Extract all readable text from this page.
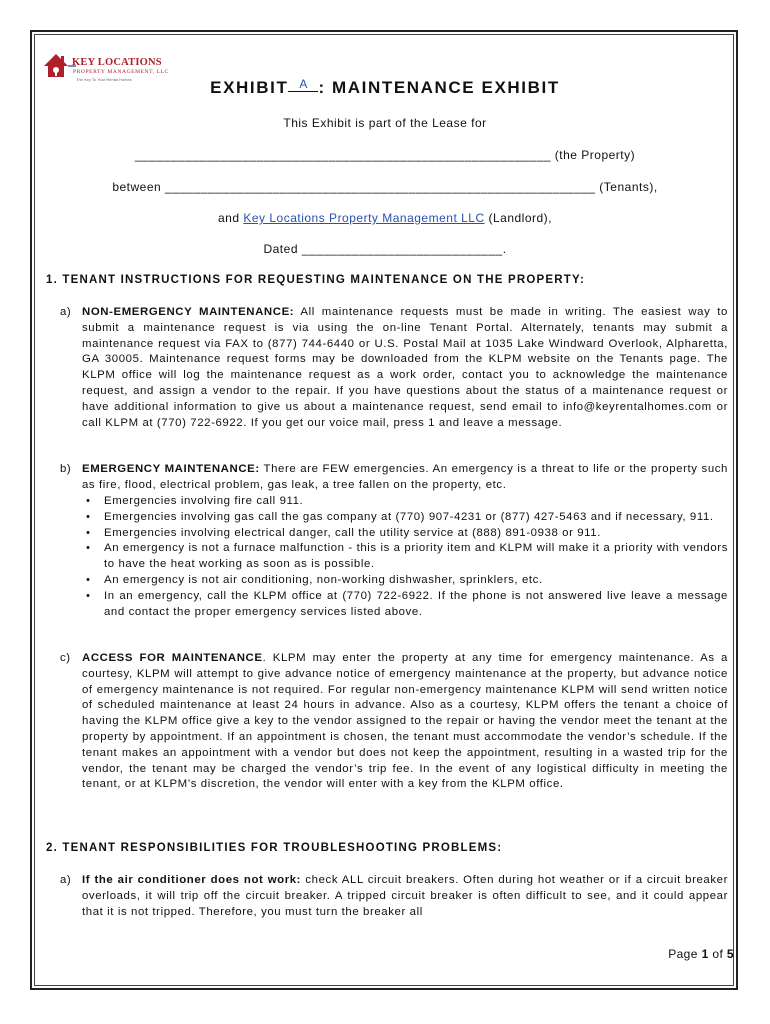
KEY LOCATIONS
PROPERTY MANAGEMENT, LLC
The Key To Your Rental Homes	EXHIBIT A : MAINTENANCE EXHIBIT
This Exhibit is part of the Lease for
__________________________________________________________ (the Property)
between ____________________________________________________________ (Tenants),
and Key Locations Property Management LLC (Landlord),
Dated ____________________________.
1. TENANT INSTRUCTIONS FOR REQUESTING MAINTENANCE ON THE PROPERTY:

a) NON-EMERGENCY MAINTENANCE: All maintenance requests must be made in writing. The easiest way to submit a maintenance request is via using the on-line Tenant Portal. Alternately, tenants may submit a maintenance request via FAX to (877) 744-6440 or U.S. Postal Mail at 1035 Lake Windward Overlook, Alpharetta, GA 30005. Maintenance request forms may be downloaded from the KLPM website on the Tenants page. The KLPM office will log the maintenance request as a work order, contact you to acknowledge the maintenance request, and assign a vendor to the repair. If you have questions about the status of a maintenance request or have additional information to give us about a maintenance request, send email to info@keyrentalhomes.com or call KLPM at (770) 722-6922. If you get our voice mail, press 1 and leave a message.

b) EMERGENCY MAINTENANCE: There are FEW emergencies. An emergency is a threat to life or the property such as fire, flood, electrical problem, gas leak, a tree fallen on the property, etc.

• Emergencies involving fire call 911.
• Emergencies involving gas call the gas company at (770) 907-4231 or (877) 427-5463 and if necessary, 911.
• Emergencies involving electrical danger, call the utility service at (888) 891-0938 or 911.
• An emergency is not a furnace malfunction - this is a priority item and KLPM will make it a priority with vendors to have the heat working as soon as is possible.
• An emergency is not air conditioning, non-working dishwasher, sprinklers, etc.
• In an emergency, call the KLPM office at (770) 722-6922. If the phone is not answered live leave a message and contact the proper emergency services listed above.

c) ACCESS FOR MAINTENANCE. KLPM may enter the property at any time for emergency maintenance. As a courtesy, KLPM will attempt to give advance notice of emergency maintenance at the property, but advance notice of emergency maintenance is not required. For regular non-emergency maintenance KLPM will send written notice of scheduled maintenance at least 24 hours in advance. Also as a courtesy, KLPM offers the tenant a choice of having the KLPM office give a key to the vendor assigned to the repair or having the vendor meet the tenant at the property by appointment. If an appointment is chosen, the tenant must accommodate the vendor’s schedule. If the tenant makes an appointment with a vendor but does not keep the appointment, resulting in a wasted trip for the vendor, the tenant may be charged the vendor’s trip fee. In the event of any logistical difficulty in meeting the tenant, or at KLPM’s discretion, the vendor will enter with a key from the KLPM office.

2. TENANT RESPONSIBILITIES FOR TROUBLESHOOTING PROBLEMS:

a) If the air conditioner does not work: check ALL circuit breakers. Often during hot weather or if a circuit breaker overloads, it will trip off the circuit breaker. A tripped circuit breaker is often difficult to see, and it could appear that it is not tripped. Therefore, you must turn the breaker all

Page 1 of 5
